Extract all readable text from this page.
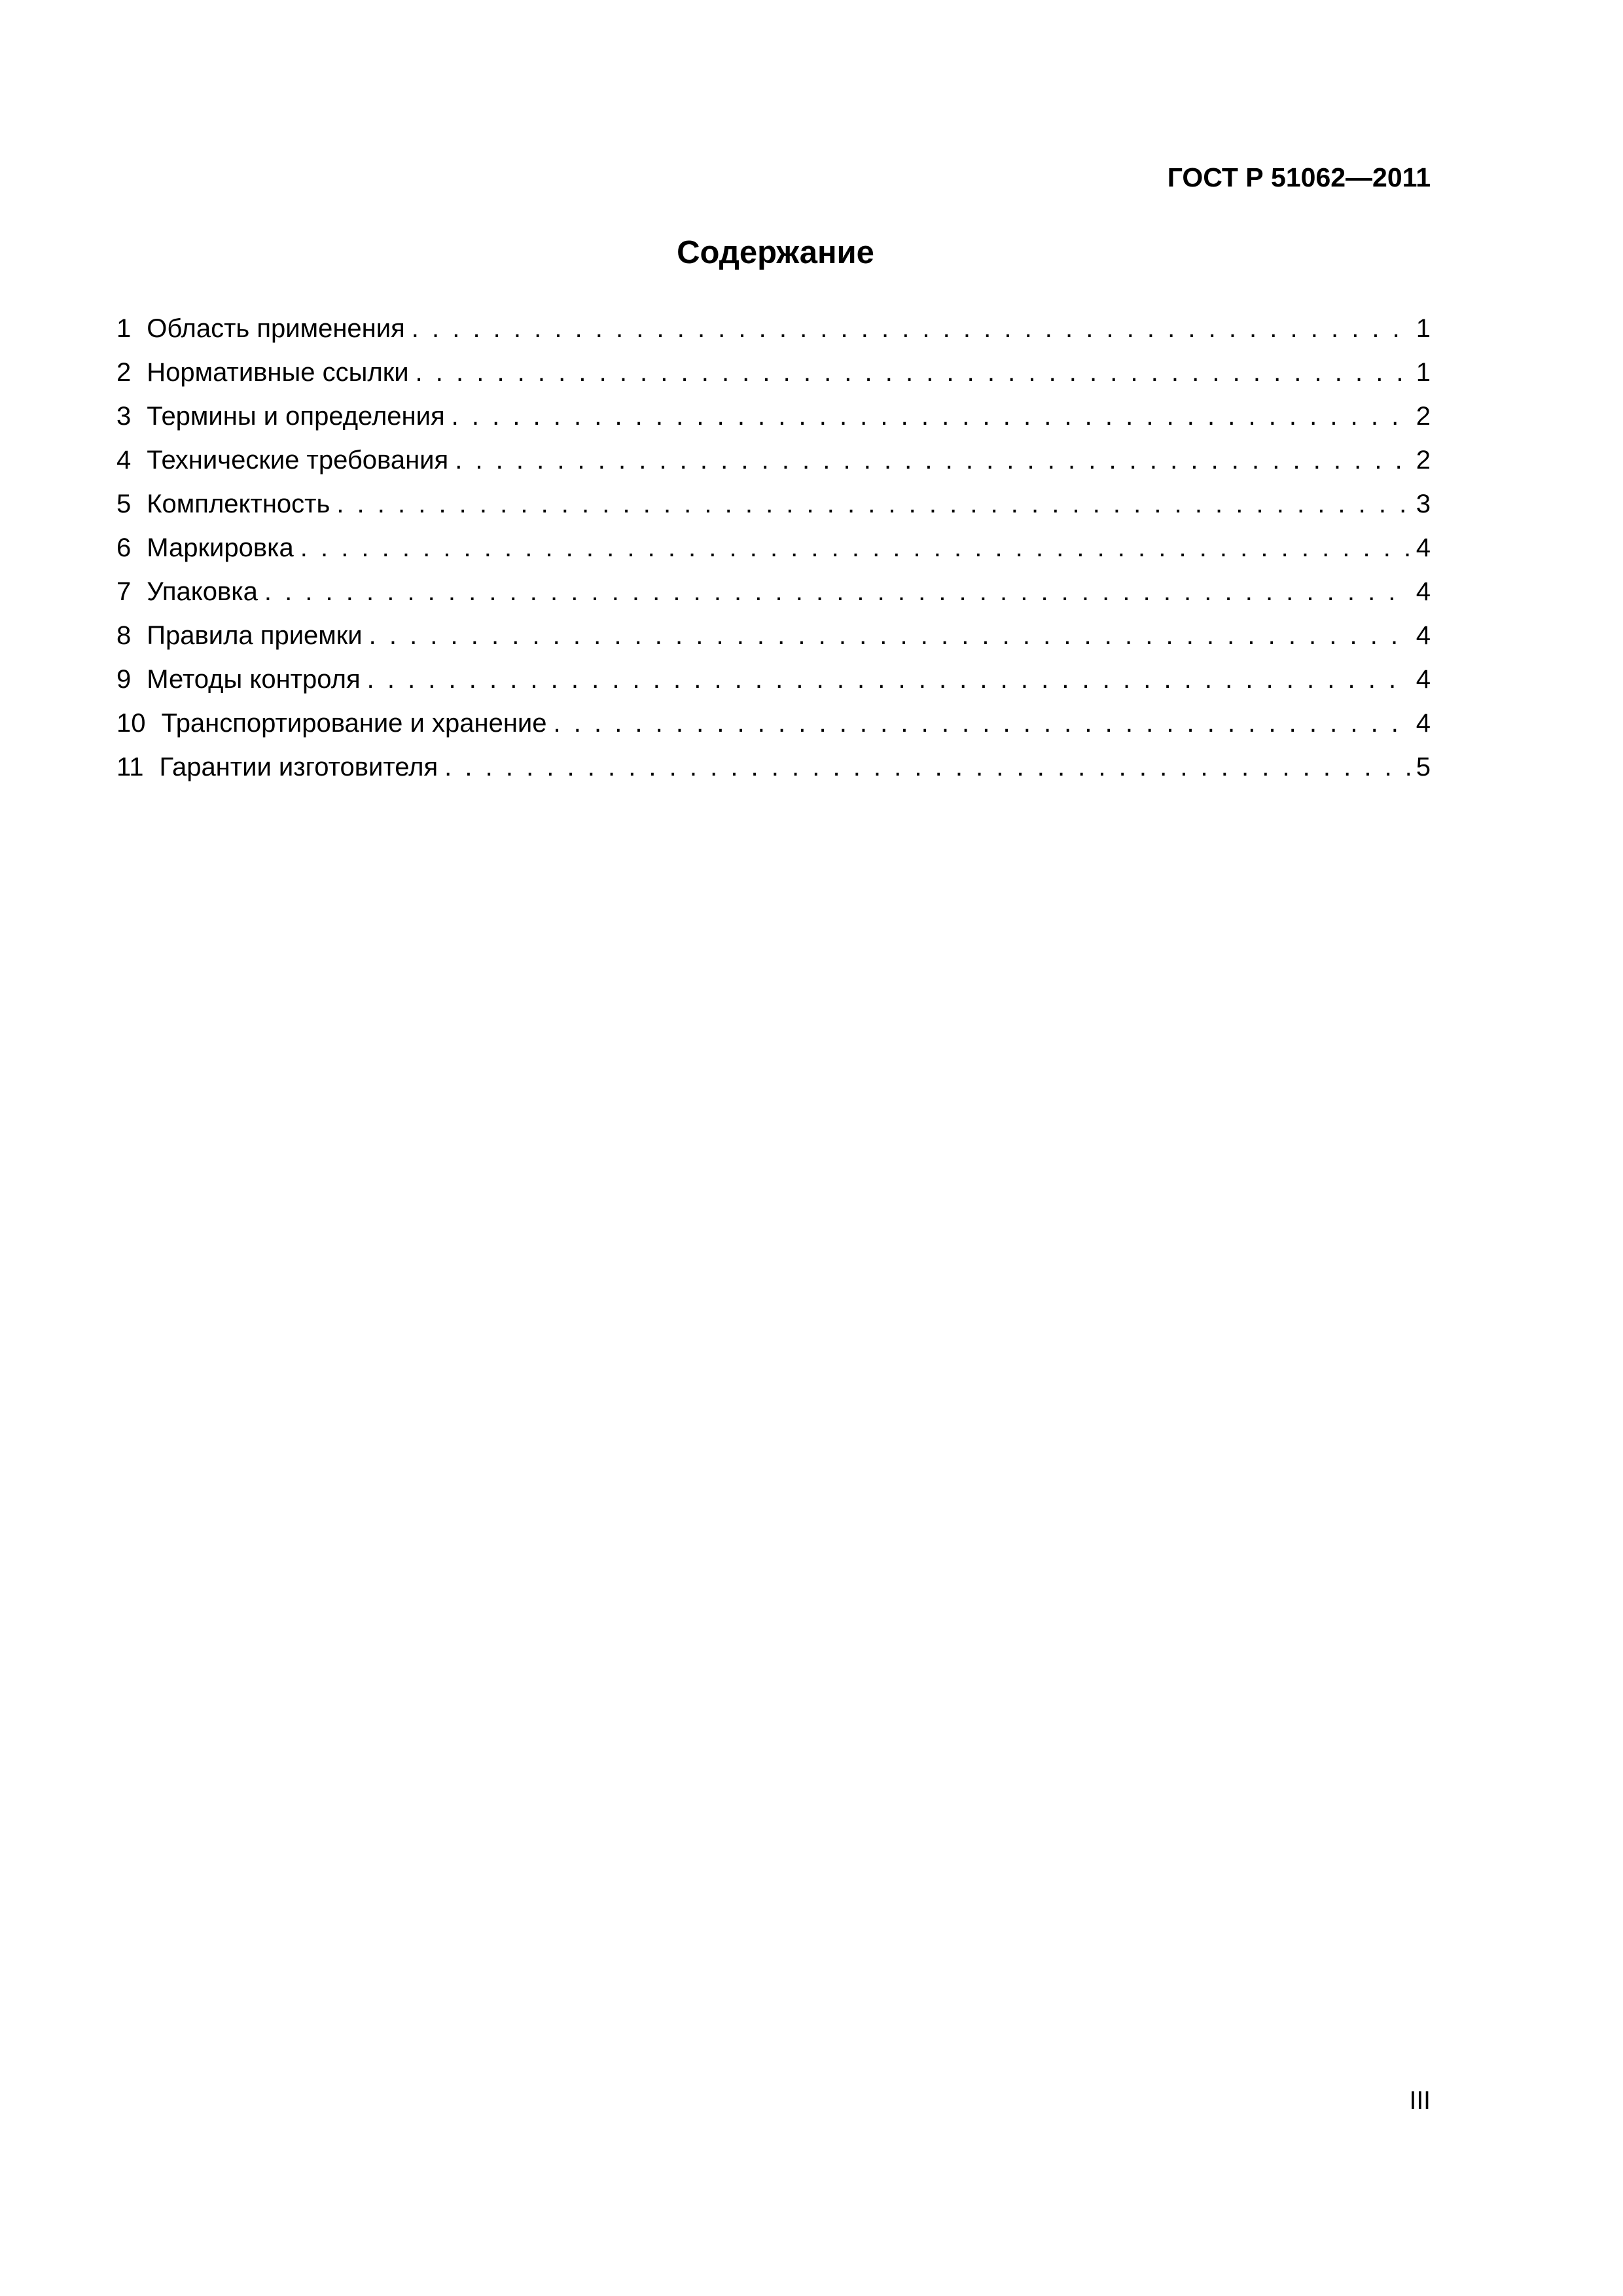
ГОСТ Р 51062—2011
Содержание
1 Область применения . . .	1
2 Нормативные ссылки . . .	1
3 Термины и определения . . .	2
4 Технические требования . . .	2
5 Комплектность . . .	3
6 Маркировка . . .	4
7 Упаковка . . .	4
8 Правила приемки . . .	4
9 Методы контроля . . .	4
10 Транспортирование и хранение . . .	4
11 Гарантии изготовителя . . .	5
III
